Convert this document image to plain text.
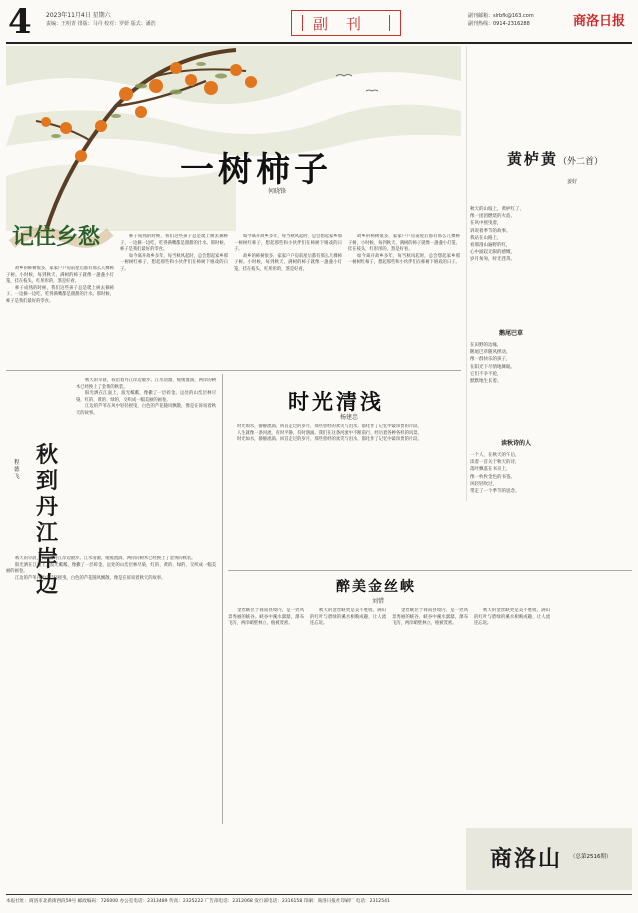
4 2023年11月4日 星期六
责编：王明青 排版：马丹 校对：罗妍 版式：潘浩	副刊	副刊邮箱：slrbfk@163.com
副刊热线：0914-2316288	商洛日报
一树柿子
何晓锋
记住乡愁
故乡的柿树很多，家家户户房前屋后都有那么几棵柿子树。小时候，每到秋天，满树的柿子就像一盏盏小灯笼，挂在枝头，红彤彤的，煞是好看。
柿子成熟的时候，我们这些孩子总是爬上树去摘柿子，一边摘一边吃，吃得满嘴都是甜甜的汁水。那时候，柿子是我们最好的零食。
柿子成熟的时候，我们这些孩子总是爬上树去摘柿子，一边摘一边吃，吃得满嘴都是甜甜的汁水。那时候，柿子是我们最好的零食。
如今离开故乡多年，每当秋风起时，总会想起家乡那一树树红柿子，想起那些和小伙伴们在柿树下嬉戏的日子。
如今离开故乡多年，每当秋风起时，总会想起家乡那一树树红柿子，想起那些和小伙伴们在柿树下嬉戏的日子。
故乡的柿树很多，家家户户房前屋后都有那么几棵柿子树。小时候，每到秋天，满树的柿子就像一盏盏小灯笼，挂在枝头，红彤彤的，煞是好看。
故乡的柿树很多，家家户户房前屋后都有那么几棵柿子树。小时候，每到秋天，满树的柿子就像一盏盏小灯笼，挂在枝头，红彤彤的，煞是好看。
如今离开故乡多年，每当秋风起时，总会想起家乡那一树树红柿子，想起那些和小伙伴们在柿树下嬉戏的日子。
黄栌黄（外二首）
姜好
秋天的山坡上，黄栌红了，
像一团团燃烧的火焰，
在风中摇曳着，
诉说着季节的故事。
我站在山路上，
看那漫山遍野的红，
心中涌起无限的感慨，
岁月匆匆，时光荏苒。
鹅尾巴草
在田野的边缘，
鹅尾巴草随风摆动，
像一群快乐的孩子，
在阳光下尽情地舞蹈。
它们不争不抢，
默默地生长着。
读秋诗的人
一个人，在秋天的午后，
读着一首关于秋天的诗，
落叶飘落在书页上，
像一枚枚金色的书签。
风轻轻吹过，
带走了一个季节的思念。
秋到丹江岸边
程德飞
秋天的早晨，我沿着丹江岸边散步。江水清澈，缓缓流淌，两岸的树木已经换上了金黄的秋装。
阳光洒在江面上，波光粼粼，像撒了一层碎金。远处的山峦层林尽染，红的、黄的、绿的，交织成一幅美丽的画卷。
江边的芦苇在风中轻轻摇曳，白色的芦花随风飘散，像是在诉说着秋天的故事。
秋天的早晨，我沿着丹江岸边散步。江水清澈，缓缓流淌，两岸的树木已经换上了金黄的秋装。
阳光洒在江面上，波光粼粼，像撒了一层碎金。远处的山峦层林尽染，红的、黄的、绿的，交织成一幅美丽的画卷。
江边的芦苇在风中轻轻摇曳，白色的芦花随风飘散，像是在诉说着秋天的故事。
时光清浅
杨建忠
时光如水，静静流淌。回首走过的岁月，那些曾经的欢笑与泪水，都化作了记忆中最珍贵的片段。
人生就像一条河流，有时平静，有时汹涌。我们在这条河流中不断前行，经历着各种各样的风景。
时光如水，静静流淌。回首走过的岁月，那些曾经的欢笑与泪水，都化作了记忆中最珍贵的片段。
醉美金丝峡
刘惜
金丝峡位于商南县境内，是一处风景秀丽的峡谷。峡谷中溪水潺潺，瀑布飞泻，两岸峭壁林立，植被茂密。
秋天的金丝峡更是美不胜收，满山的红叶与碧绿的溪水相映成趣，让人流连忘返。
金丝峡位于商南县境内，是一处风景秀丽的峡谷。峡谷中溪水潺潺，瀑布飞泻，两岸峭壁林立，植被茂密。
秋天的金丝峡更是美不胜收，满山的红叶与碧绿的溪水相映成趣，让人流连忘返。
商洛山 （总第2516期）
本报社址：商洛市北新街西段59号 邮政编码：726000 办公室电话：2313489 传真：2325222 广告部电话：2312068 发行部电话：2316158 印刷：商洛日报社印刷厂 电话：2312541
